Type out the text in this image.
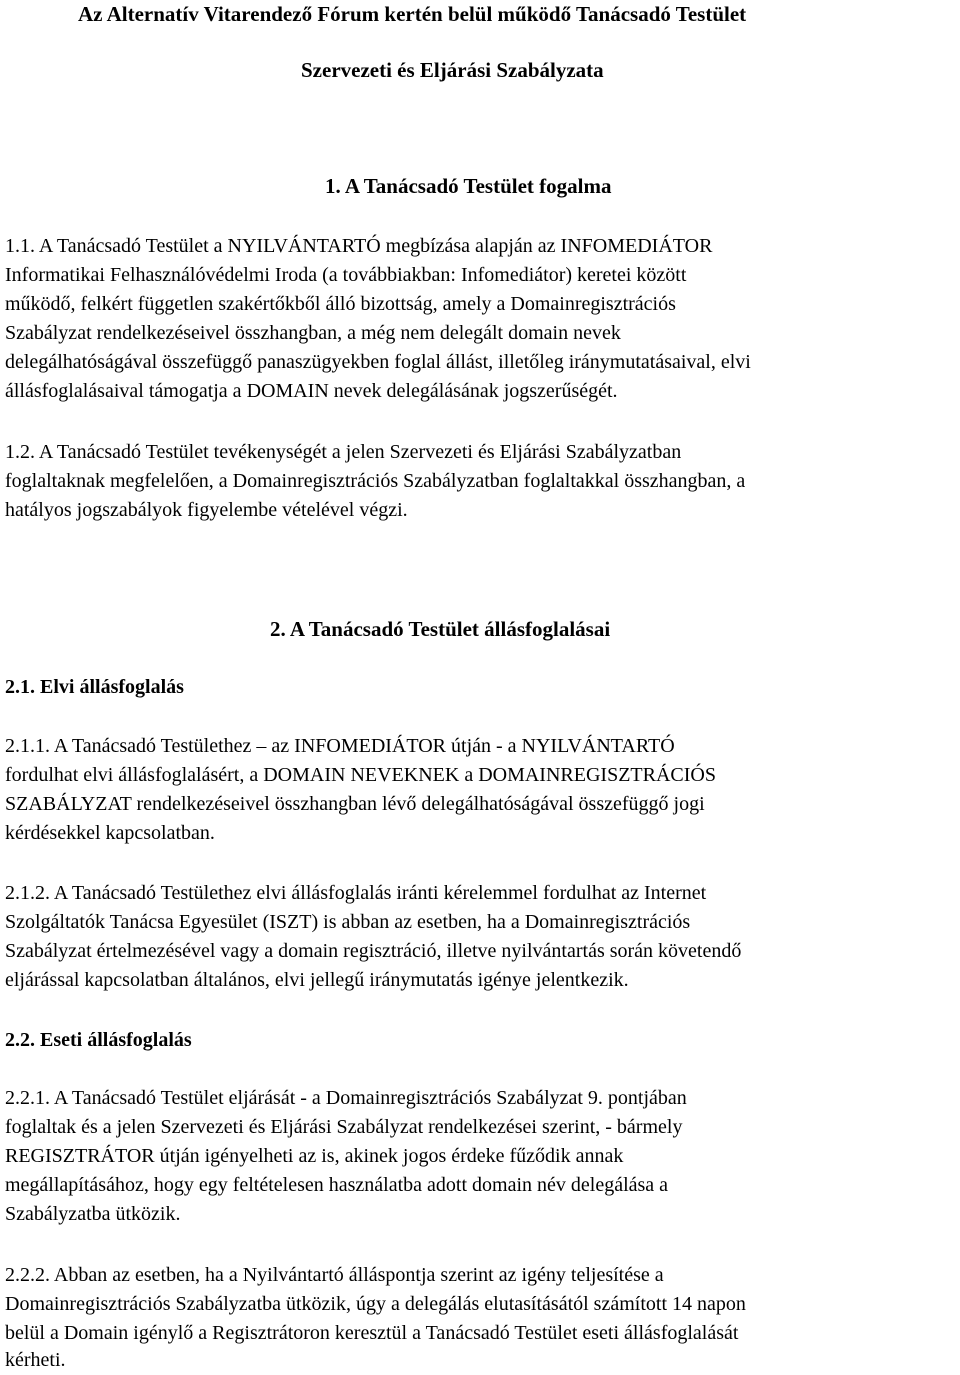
Az Alternatív Vitarendező Fórum kertén belül működő Tanácsadó Testület
Szervezeti és Eljárási Szabályzata
1. A Tanácsadó Testület fogalma
1.1. A Tanácsadó Testület a NYILVÁNTARTÓ megbízása alapján az INFOMEDIÁTOR
Informatikai Felhasználóvédelmi Iroda (a továbbiakban: Infomediátor) keretei között
működő, felkért független szakértőkből álló bizottság, amely a Domainregisztrációs
Szabályzat rendelkezéseivel összhangban, a még nem delegált domain nevek
delegálhatóságával összefüggő panaszügyekben foglal állást, illetőleg iránymutatásaival, elvi
állásfoglalásaival támogatja a DOMAIN nevek delegálásának jogszerűségét.
1.2. A Tanácsadó Testület tevékenységét a jelen Szervezeti és Eljárási Szabályzatban
foglaltaknak megfelelően, a Domainregisztrációs Szabályzatban foglaltakkal összhangban, a
hatályos jogszabályok figyelembe vételével végzi.
2. A Tanácsadó Testület állásfoglalásai
2.1. Elvi állásfoglalás
2.1.1. A Tanácsadó Testülethez – az INFOMEDIÁTOR útján - a NYILVÁNTARTÓ
fordulhat elvi állásfoglalásért, a DOMAIN NEVEKNEK a DOMAINREGISZTRÁCIÓS
SZABÁLYZAT rendelkezéseivel összhangban lévő delegálhatóságával összefüggő jogi
kérdésekkel kapcsolatban.
2.1.2. A Tanácsadó Testülethez elvi állásfoglalás iránti kérelemmel fordulhat az Internet
Szolgáltatók Tanácsa Egyesület (ISZT) is abban az esetben, ha a Domainregisztrációs
Szabályzat értelmezésével vagy a domain regisztráció, illetve nyilvántartás során követendő
eljárással kapcsolatban általános, elvi jellegű iránymutatás igénye jelentkezik.
2.2. Eseti állásfoglalás
2.2.1. A Tanácsadó Testület eljárását - a Domainregisztrációs Szabályzat 9. pontjában
foglaltak és a jelen Szervezeti és Eljárási Szabályzat rendelkezései szerint, - bármely
REGISZTRÁTOR útján igényelheti az is, akinek jogos érdeke fűződik annak
megállapításához, hogy egy feltételesen használatba adott domain név delegálása a
Szabályzatba ütközik.
2.2.2. Abban az esetben, ha a Nyilvántartó álláspontja szerint az igény teljesítése a
Domainregisztrációs Szabályzatba ütközik, úgy a delegálás elutasításától számított 14 napon
belül a Domain igénylő a Regisztrátoron keresztül a Tanácsadó Testület eseti állásfoglalását
kérheti.
